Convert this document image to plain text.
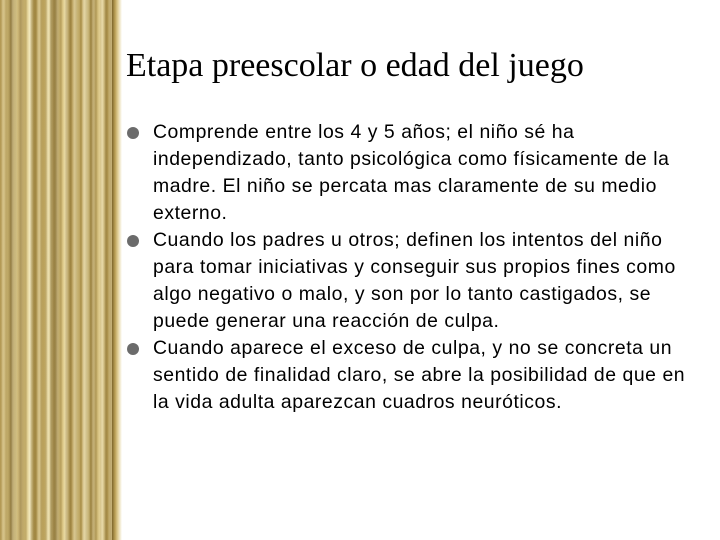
Etapa preescolar o edad del juego
Comprende entre los 4 y 5 años; el niño sé ha independizado, tanto psicológica como físicamente de la madre. El niño se percata mas claramente de su medio externo.
Cuando los padres u otros; definen los intentos del niño para tomar iniciativas y conseguir sus propios fines como algo negativo o malo, y son por lo tanto castigados, se puede generar una reacción de culpa.
Cuando aparece el exceso de culpa, y no se concreta un sentido de finalidad claro, se abre la posibilidad de que en la vida adulta aparezcan cuadros neuróticos.
